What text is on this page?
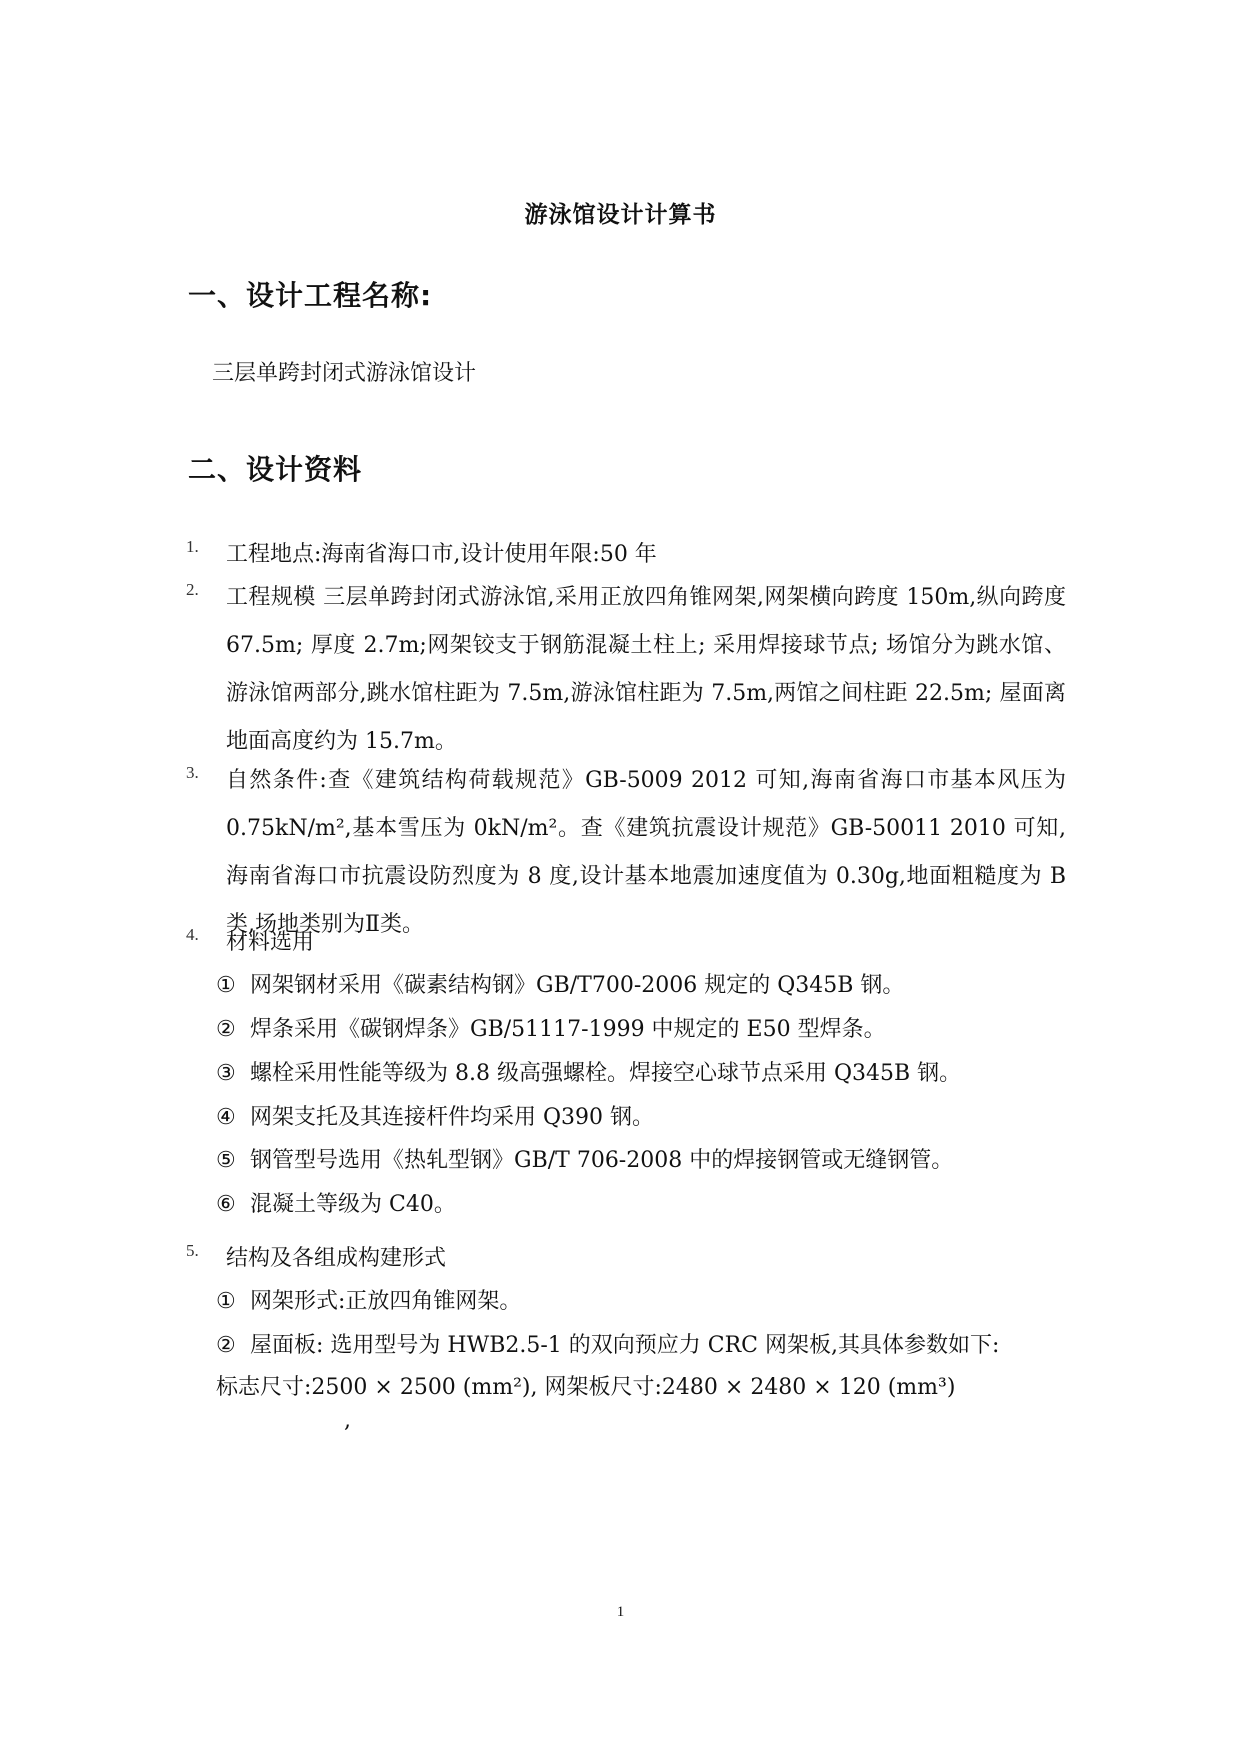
游泳馆设计计算书
一、设计工程名称:
三层单跨封闭式游泳馆设计
二、设计资料
1. 工程地点:海南省海口市,设计使用年限:50 年
2. 工程规模 三层单跨封闭式游泳馆,采用正放四角锥网架,网架横向跨度 150m,纵向跨度 67.5m; 厚度 2.7m;网架铰支于钢筋混凝土柱上; 采用焊接球节点; 场馆分为跳水馆、游泳馆两部分,跳水馆柱距为 7.5m,游泳馆柱距为 7.5m,两馆之间柱距 22.5m; 屋面离地面高度约为 15.7m。
3. 自然条件:查《建筑结构荷载规范》GB-5009 2012 可知,海南省海口市基本风压为 0.75kN/m²,基本雪压为 0kN/m²。查《建筑抗震设计规范》GB-50011 2010 可知,海南省海口市抗震设防烈度为 8 度,设计基本地震加速度值为 0.30g,地面粗糙度为 B 类,场地类别为Ⅱ类。
4. 材料选用
① 网架钢材采用《碳素结构钢》GB/T700-2006 规定的 Q345B 钢。
② 焊条采用《碳钢焊条》GB/51117-1999 中规定的 E50 型焊条。
③ 螺栓采用性能等级为 8.8 级高强螺栓。焊接空心球节点采用 Q345B 钢。
④ 网架支托及其连接杆件均采用 Q390 钢。
⑤ 钢管型号选用《热轧型钢》GB/T 706-2008 中的焊接钢管或无缝钢管。
⑥ 混凝土等级为 C40。
5. 结构及各组成构建形式
① 网架形式:正放四角锥网架。
② 屋面板: 选用型号为 HWB2.5-1 的双向预应力 CRC 网架板,其具体参数如下:
标志尺寸:2500 × 2500 (mm²), 网架板尺寸:2480 × 2480 × 120 (mm³)
,
1
